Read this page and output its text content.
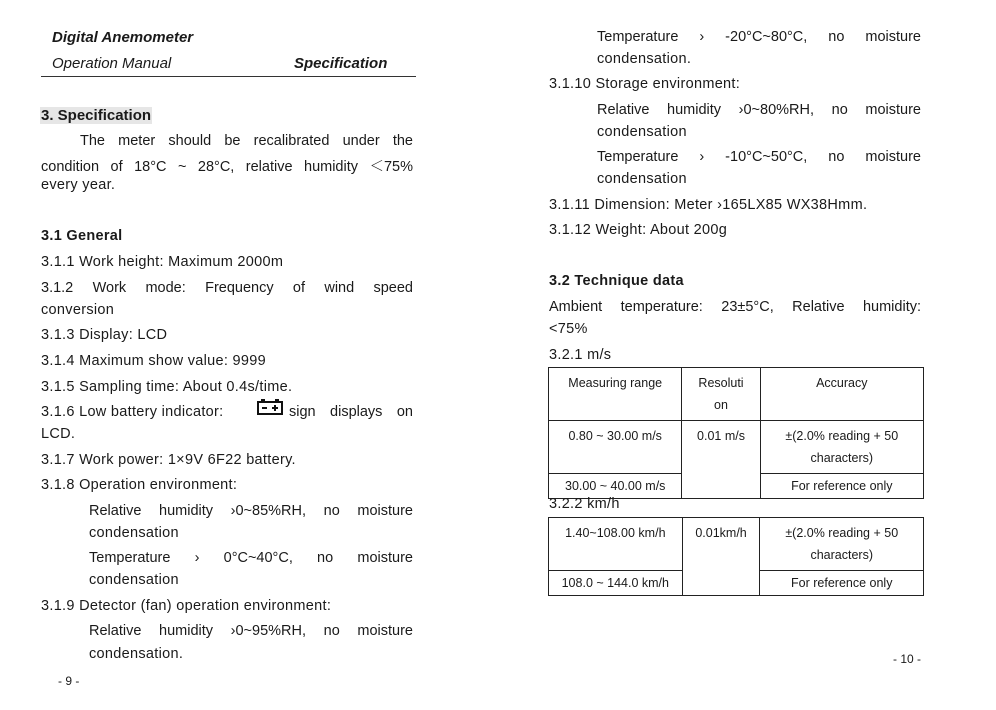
Digital Anemometer
Operation Manual	Specification
3. Specification
The meter should be recalibrated under the
condition of 18°C ~ 28°C, relative humidity ＜75%
every year.
3.1 General
3.1.1 Work height: Maximum 2000m
3.1.2 Work mode: Frequency of wind speed
conversion
3.1.3 Display: LCD
3.1.4 Maximum show value: 9999
3.1.5 Sampling time: About 0.4s/time.
3.1.6 Low battery indicator:	sign displays on
LCD.
3.1.7 Work power: 1×9V 6F22 battery.
3.1.8 Operation environment:
Relative humidity ›0~85%RH, no moisture
condensation
Temperature › 0°C~40°C, no moisture
condensation
3.1.9 Detector (fan) operation environment:
Relative humidity ›0~95%RH, no moisture
condensation.
- 9 -
Temperature › -20°C~80°C, no moisture
condensation.
3.1.10 Storage environment:
Relative humidity ›0~80%RH, no moisture
condensation
Temperature › -10°C~50°C, no moisture
condensation
3.1.11 Dimension: Meter ›165LX85 WX38Hmm.
3.1.12 Weight: About 200g
3.2 Technique data
Ambient temperature: 23±5°C, Relative humidity:
<75%
3.2.1 m/s
Measuring range	Resoluti on	Accuracy
0.80 ~ 30.00 m/s	0.01 m/s	±(2.0% reading + 50 characters)
30.00 ~ 40.00 m/s		For reference only
3.2.2 km/h
1.40~108.00 km/h	0.01km/h	±(2.0% reading + 50 characters)
108.0 ~ 144.0 km/h		For reference only
- 10 -
